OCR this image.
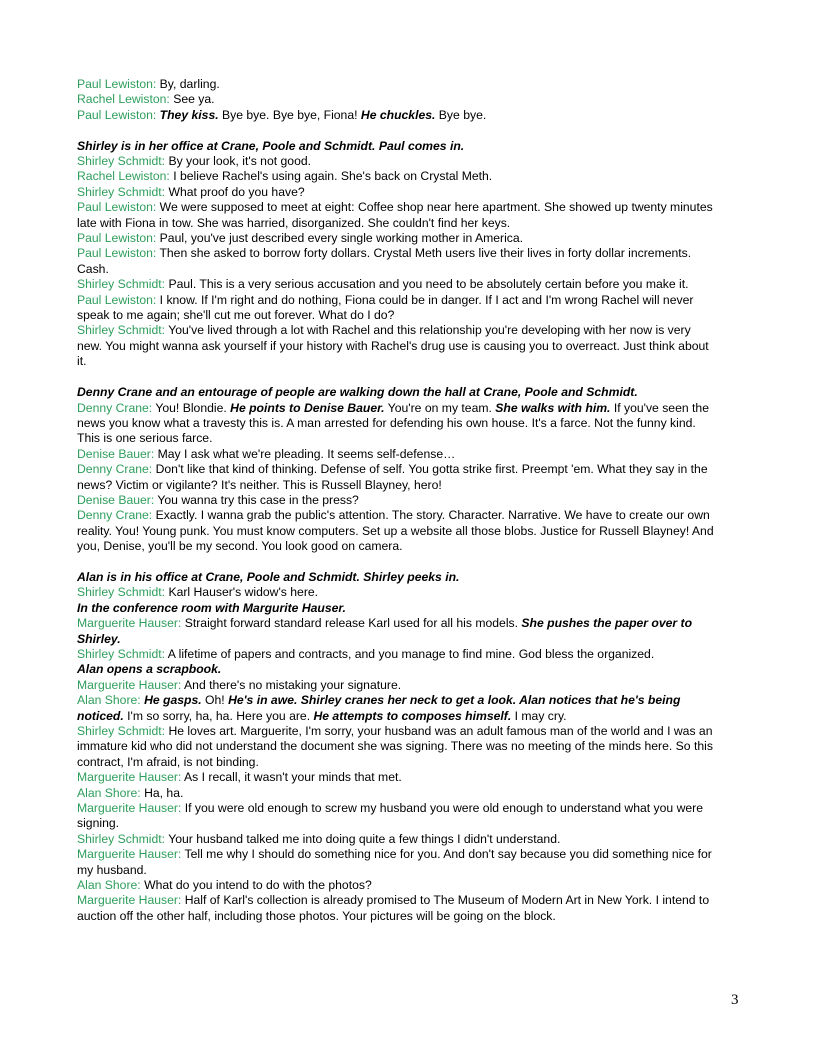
Paul Lewiston: By, darling.

Rachel Lewiston: See ya.

Paul Lewiston: They kiss. Bye bye. Bye bye, Fiona! He chuckles. Bye bye.

Shirley is in her office at Crane, Poole and Schmidt. Paul comes in.

Shirley Schmidt: By your look, it's not good.

Rachel Lewiston: I believe Rachel's using again. She's back on Crystal Meth.

Shirley Schmidt: What proof do you have?

Paul Lewiston: We were supposed to meet at eight: Coffee shop near here apartment. She showed up twenty minutes late with Fiona in tow. She was harried, disorganized. She couldn't find her keys.

Paul Lewiston: Paul, you've just described every single working mother in America.

Paul Lewiston: Then she asked to borrow forty dollars. Crystal Meth users live their lives in forty dollar increments. Cash.

Shirley Schmidt: Paul. This is a very serious accusation and you need to be absolutely certain before you make it.

Paul Lewiston: I know. If I'm right and do nothing, Fiona could be in danger. If I act and I'm wrong Rachel will never speak to me again; she'll cut me out forever. What do I do?

Shirley Schmidt: You've lived through a lot with Rachel and this relationship you're developing with her now is very new. You might wanna ask yourself if your history with Rachel's drug use is causing you to overreact. Just think about it.

Denny Crane and an entourage of people are walking down the hall at Crane, Poole and Schmidt.

Denny Crane: You! Blondie. He points to Denise Bauer. You're on my team. She walks with him. If you've seen the news you know what a travesty this is. A man arrested for defending his own house. It's a farce. Not the funny kind. This is one serious farce.

Denise Bauer: May I ask what we're pleading. It seems self-defense…

Denny Crane: Don't like that kind of thinking. Defense of self. You gotta strike first. Preempt 'em. What they say in the news? Victim or vigilante? It's neither. This is Russell Blayney, hero!

Denise Bauer: You wanna try this case in the press?

Denny Crane: Exactly. I wanna grab the public's attention. The story. Character. Narrative. We have to create our own reality. You! Young punk. You must know computers. Set up a website all those blobs. Justice for Russell Blayney! And you, Denise, you'll be my second. You look good on camera.

Alan is in his office at Crane, Poole and Schmidt. Shirley peeks in.

Shirley Schmidt: Karl Hauser's widow's here.

In the conference room with Margurite Hauser.

Marguerite Hauser: Straight forward standard release Karl used for all his models. She pushes the paper over to Shirley.

Shirley Schmidt: A lifetime of papers and contracts, and you manage to find mine. God bless the organized.

Alan opens a scrapbook.

Marguerite Hauser: And there's no mistaking your signature.

Alan Shore: He gasps. Oh! He's in awe. Shirley cranes her neck to get a look. Alan notices that he's being noticed. I'm so sorry, ha, ha. Here you are. He attempts to composes himself. I may cry.

Shirley Schmidt: He loves art. Marguerite, I'm sorry, your husband was an adult famous man of the world and I was an immature kid who did not understand the document she was signing. There was no meeting of the minds here. So this contract, I'm afraid, is not binding.

Marguerite Hauser: As I recall, it wasn't your minds that met.

Alan Shore: Ha, ha.

Marguerite Hauser: If you were old enough to screw my husband you were old enough to understand what you were signing.

Shirley Schmidt: Your husband talked me into doing quite a few things I didn't understand.

Marguerite Hauser: Tell me why I should do something nice for you. And don't say because you did something nice for my husband.

Alan Shore: What do you intend to do with the photos?

Marguerite Hauser: Half of Karl's collection is already promised to The Museum of Modern Art in New York. I intend to auction off the other half, including those photos. Your pictures will be going on the block.

3
